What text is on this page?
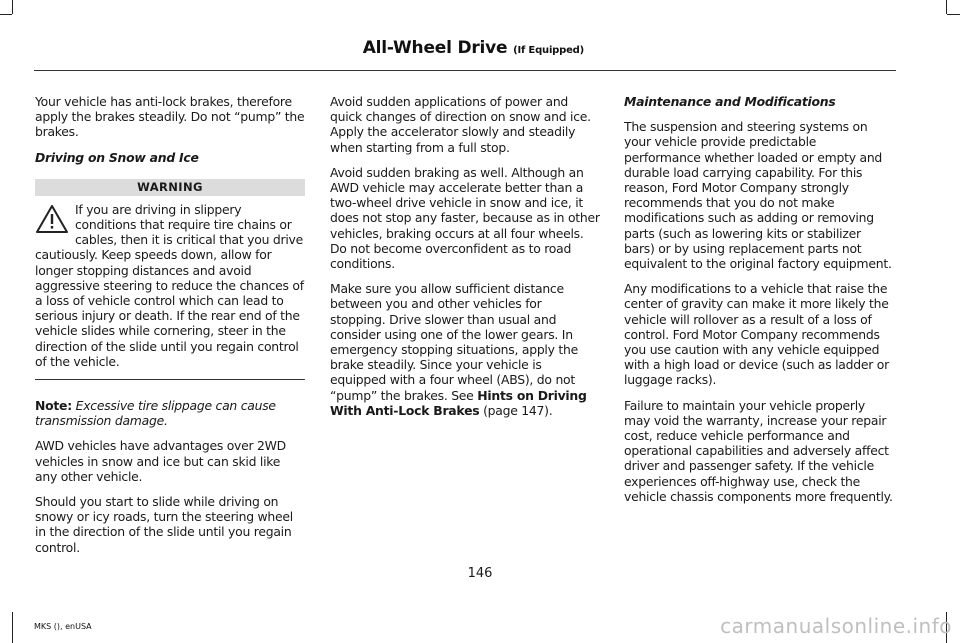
All-Wheel Drive (If Equipped)

Your vehicle has anti-lock brakes, therefore apply the brakes steadily. Do not “pump” the brakes.

Driving on Snow and Ice

WARNING
If you are driving in slippery conditions that require tire chains or cables, then it is critical that you drive cautiously. Keep speeds down, allow for longer stopping distances and avoid aggressive steering to reduce the chances of a loss of vehicle control which can lead to serious injury or death. If the rear end of the vehicle slides while cornering, steer in the direction of the slide until you regain control of the vehicle.

Note: Excessive tire slippage can cause transmission damage.

AWD vehicles have advantages over 2WD vehicles in snow and ice but can skid like any other vehicle.

Should you start to slide while driving on snowy or icy roads, turn the steering wheel in the direction of the slide until you regain control.

Avoid sudden applications of power and quick changes of direction on snow and ice. Apply the accelerator slowly and steadily when starting from a full stop.

Avoid sudden braking as well. Although an AWD vehicle may accelerate better than a two-wheel drive vehicle in snow and ice, it does not stop any faster, because as in other vehicles, braking occurs at all four wheels. Do not become overconfident as to road conditions.

Make sure you allow sufficient distance between you and other vehicles for stopping. Drive slower than usual and consider using one of the lower gears. In emergency stopping situations, apply the brake steadily. Since your vehicle is equipped with a four wheel (ABS), do not “pump” the brakes. See Hints on Driving With Anti-Lock Brakes (page 147).

Maintenance and Modifications

The suspension and steering systems on your vehicle provide predictable performance whether loaded or empty and durable load carrying capability. For this reason, Ford Motor Company strongly recommends that you do not make modifications such as adding or removing parts (such as lowering kits or stabilizer bars) or by using replacement parts not equivalent to the original factory equipment.

Any modifications to a vehicle that raise the center of gravity can make it more likely the vehicle will rollover as a result of a loss of control. Ford Motor Company recommends you use caution with any vehicle equipped with a high load or device (such as ladder or luggage racks).

Failure to maintain your vehicle properly may void the warranty, increase your repair cost, reduce vehicle performance and operational capabilities and adversely affect driver and passenger safety. If the vehicle experiences off-highway use, check the vehicle chassis components more frequently.

146
MKS (), enUSA	carmanualsonline.info
